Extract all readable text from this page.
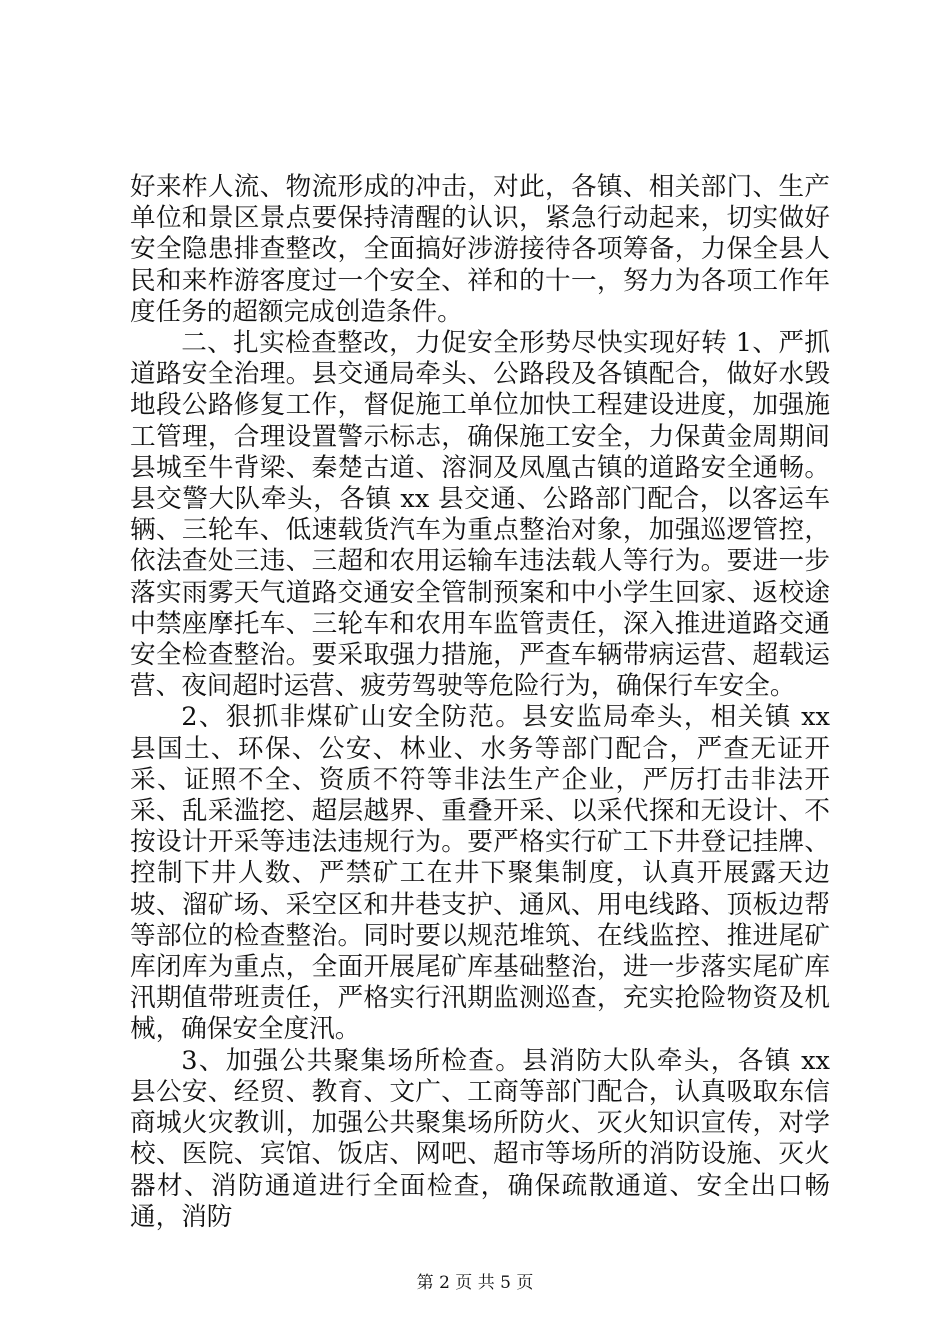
好来柞人流、物流形成的冲击，对此，各镇、相关部门、生产单位和景区景点要保持清醒的认识，紧急行动起来，切实做好安全隐患排查整改，全面搞好涉游接待各项筹备，力保全县人民和来柞游客度过一个安全、祥和的十一，努力为各项工作年度任务的超额完成创造条件。

二、扎实检查整改，力促安全形势尽快实现好转 1、严抓道路安全治理。县交通局牵头、公路段及各镇配合，做好水毁地段公路修复工作，督促施工单位加快工程建设进度，加强施工管理，合理设置警示标志，确保施工安全，力保黄金周期间县城至牛背梁、秦楚古道、溶洞及凤凰古镇的道路安全通畅。县交警大队牵头，各镇 xx 县交通、公路部门配合，以客运车辆、三轮车、低速载货汽车为重点整治对象，加强巡逻管控，依法查处三违、三超和农用运输车违法载人等行为。要进一步落实雨雾天气道路交通安全管制预案和中小学生回家、返校途中禁座摩托车、三轮车和农用车监管责任，深入推进道路交通安全检查整治。要采取强力措施，严查车辆带病运营、超载运营、夜间超时运营、疲劳驾驶等危险行为，确保行车安全。

2、狠抓非煤矿山安全防范。县安监局牵头，相关镇 xx 县国土、环保、公安、林业、水务等部门配合，严查无证开采、证照不全、资质不符等非法生产企业，严厉打击非法开采、乱采滥挖、超层越界、重叠开采、以采代探和无设计、不按设计开采等违法违规行为。要严格实行矿工下井登记挂牌、控制下井人数、严禁矿工在井下聚集制度，认真开展露天边坡、溜矿场、采空区和井巷支护、通风、用电线路、顶板边帮等部位的检查整治。同时要以规范堆筑、在线监控、推进尾矿库闭库为重点，全面开展尾矿库基础整治，进一步落实尾矿库汛期值带班责任，严格实行汛期监测巡查，充实抢险物资及机械，确保安全度汛。

3、加强公共聚集场所检查。县消防大队牵头，各镇 xx 县公安、经贸、教育、文广、工商等部门配合，认真吸取东信商城火灾教训，加强公共聚集场所防火、灭火知识宣传，对学校、医院、宾馆、饭店、网吧、超市等场所的消防设施、灭火器材、消防通道进行全面检查，确保疏散通道、安全出口畅通，消防

第 2 页 共 5 页
